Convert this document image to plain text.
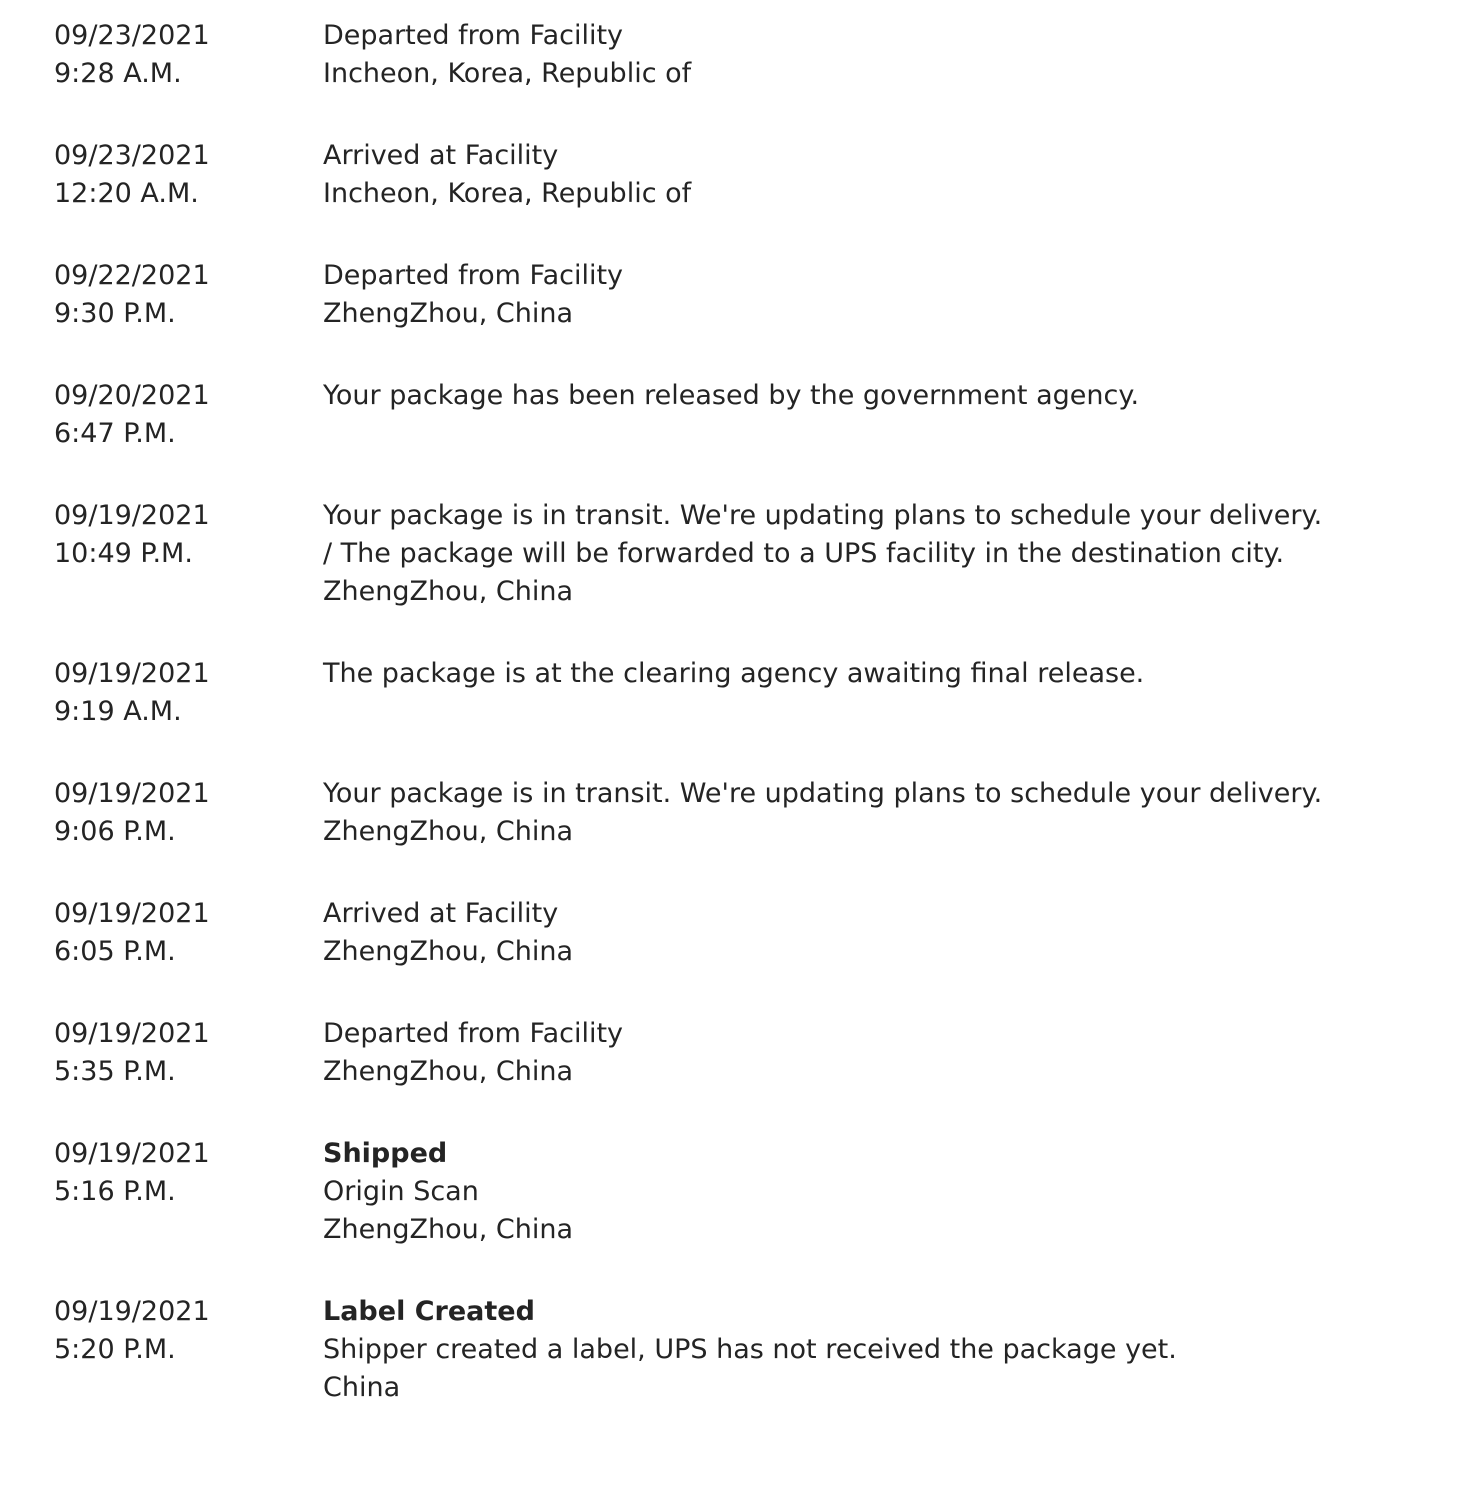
09/23/2021
9:28 A.M.
Departed from Facility
Incheon, Korea, Republic of
09/23/2021
12:20 A.M.
Arrived at Facility
Incheon, Korea, Republic of
09/22/2021
9:30 P.M.
Departed from Facility
ZhengZhou, China
09/20/2021
6:47 P.M.
Your package has been released by the government agency.
09/19/2021
10:49 P.M.
Your package is in transit. We're updating plans to schedule your delivery. / The package will be forwarded to a UPS facility in the destination city.
ZhengZhou, China
09/19/2021
9:19 A.M.
The package is at the clearing agency awaiting final release.
09/19/2021
9:06 P.M.
Your package is in transit. We're updating plans to schedule your delivery.
ZhengZhou, China
09/19/2021
6:05 P.M.
Arrived at Facility
ZhengZhou, China
09/19/2021
5:35 P.M.
Departed from Facility
ZhengZhou, China
09/19/2021
5:16 P.M.
Shipped
Origin Scan
ZhengZhou, China
09/19/2021
5:20 P.M.
Label Created
Shipper created a label, UPS has not received the package yet.
China
